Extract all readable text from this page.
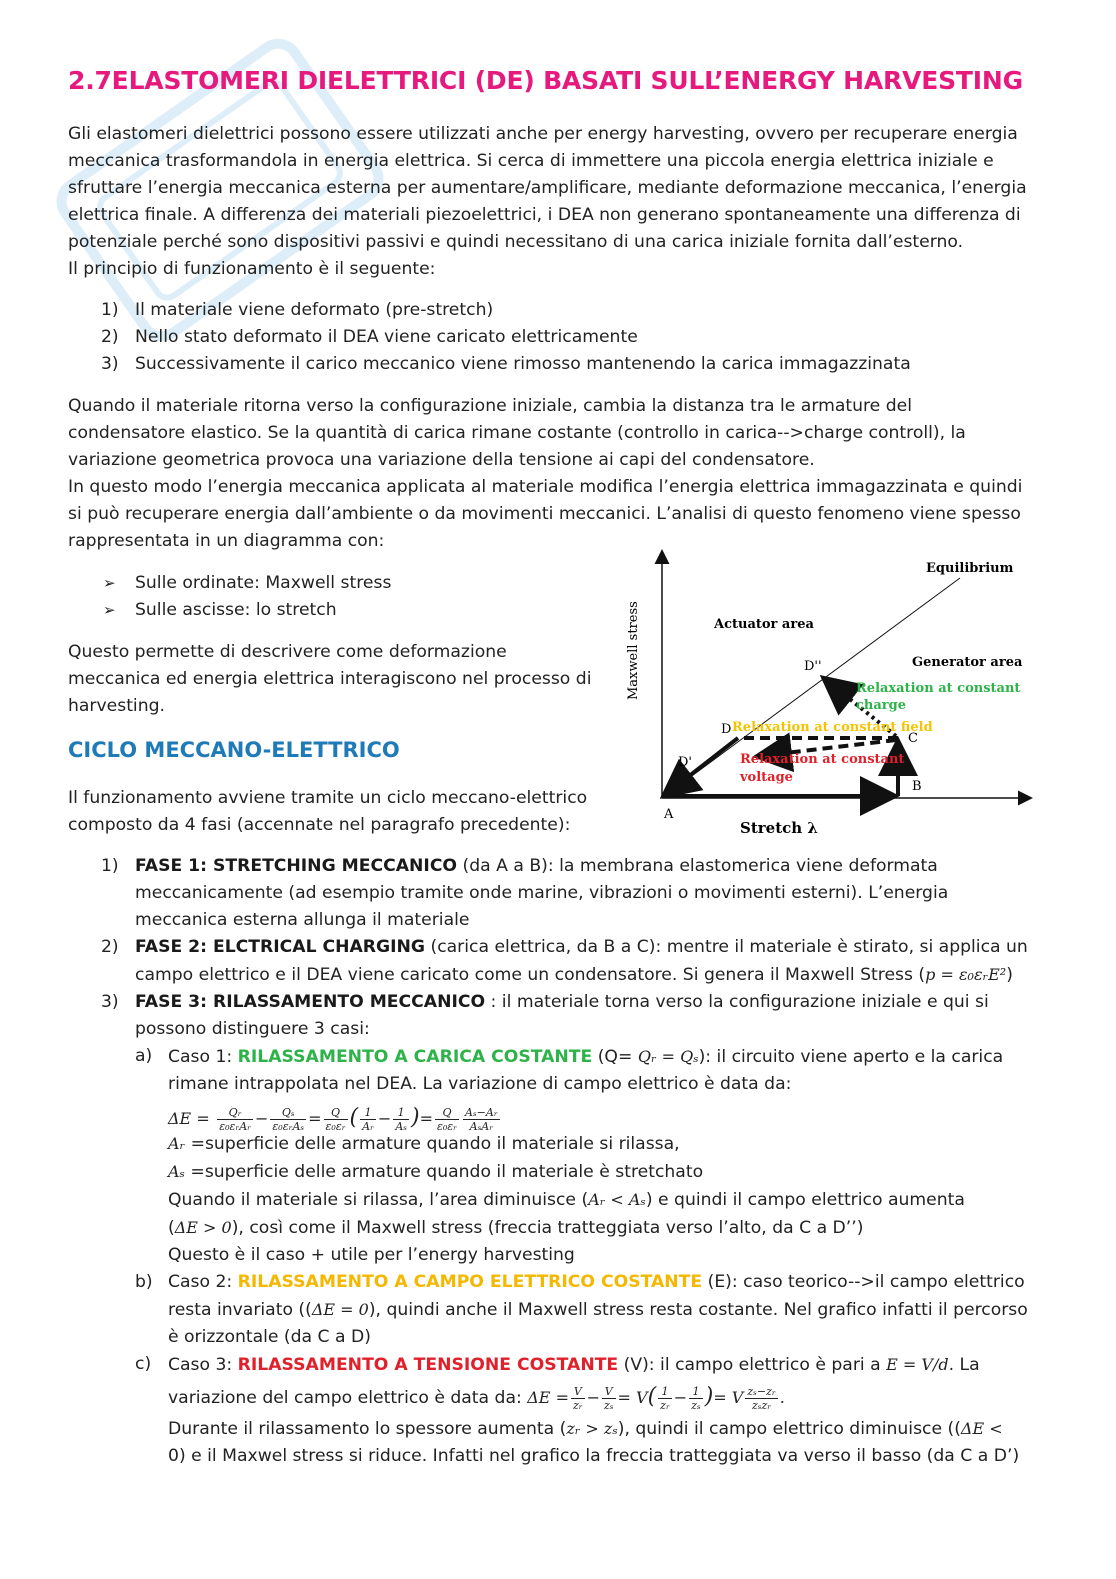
2.7ELASTOMERI DIELETTRICI (DE) BASATI SULL’ENERGY HARVESTING

Gli elastomeri dielettrici possono essere utilizzati anche per energy harvesting, ovvero per recuperare energia
meccanica trasformandola in energia elettrica. Si cerca di immettere una piccola energia elettrica iniziale e
sfruttare l’energia meccanica esterna per aumentare/amplificare, mediante deformazione meccanica, l’energia
elettrica finale. A differenza dei materiali piezoelettrici, i DEA non generano spontaneamente una differenza di
potenziale perché sono dispositivi passivi e quindi necessitano di una carica iniziale fornita dall’esterno.
Il principio di funzionamento è il seguente:

1) Il materiale viene deformato (pre-stretch)
2) Nello stato deformato il DEA viene caricato elettricamente
3) Successivamente il carico meccanico viene rimosso mantenendo la carica immagazzinata

Quando il materiale ritorna verso la configurazione iniziale, cambia la distanza tra le armature del
condensatore elastico. Se la quantità di carica rimane costante (controllo in carica-->charge controll), la
variazione geometrica provoca una variazione della tensione ai capi del condensatore.
In questo modo l’energia meccanica applicata al materiale modifica l’energia elettrica immagazzinata e quindi
si può recuperare energia dall’ambiente o da movimenti meccanici. L’analisi di questo fenomeno viene spesso
rappresentata in un diagramma con:

➢ Sulle ordinate: Maxwell stress
➢ Sulle ascisse: lo stretch

Questo permette di descrivere come deformazione
meccanica ed energia elettrica interagiscono nel processo di
harvesting.

CICLO MECCANO-ELETTRICO

Il funzionamento avviene tramite un ciclo meccano-elettrico
composto da 4 fasi (accennate nel paragrafo precedente):

Maxwell stress
Stretch λ
Equilibrium
Actuator area
Generator area
Relaxation at constant
charge
Relaxation at constant field
Relaxation at constant
voltage
A
B
C
D
D'
D''
1) FASE 1: STRETCHING MECCANICO (da A a B): la membrana elastomerica viene deformata
meccanicamente (ad esempio tramite onde marine, vibrazioni o movimenti esterni). L’energia
meccanica esterna allunga il materiale
2) FASE 2: ELCTRICAL CHARGING (carica elettrica, da B a C): mentre il materiale è stirato, si applica un
campo elettrico e il DEA viene caricato come un condensatore. Si genera il Maxwell Stress (p = ε₀εᵣE²)
3) FASE 3: RILASSAMENTO MECCANICO : il materiale torna verso la configurazione iniziale e qui si
possono distinguere 3 casi:
a) Caso 1: RILASSAMENTO A CARICA COSTANTE (Q= Qᵣ = Qₛ): il circuito viene aperto e la carica
rimane intrappolata nel DEA. La variazione di campo elettrico è data da:
$\Delta E = \frac{\text{Qᵣ}}{\text{ε₀εᵣAᵣ}} - \frac{\text{Qₛ}}{\text{ε₀εᵣAₛ}} = \frac{Q}{\text{ε₀εᵣ}}$ ( $\frac{1}{\text{Aᵣ}} - \frac{1}{\text{Aₛ}}$ )= $\frac{Q}{\text{ε₀εᵣ}} \frac{\text{Aₛ−Aᵣ}}{\text{AₛAᵣ}}$
Aᵣ =superficie delle armature quando il materiale si rilassa,
Aₛ =superficie delle armature quando il materiale è stretchato
Quando il materiale si rilassa, l’area diminuisce (Aᵣ < Aₛ) e quindi il campo elettrico aumenta
(ΔE > 0), così come il Maxwell stress (freccia tratteggiata verso l’alto, da C a D’’)
Questo è il caso + utile per l’energy harvesting
b) Caso 2: RILASSAMENTO A CAMPO ELETTRICO COSTANTE (E): caso teorico-->il campo elettrico
resta invariato ((ΔE = 0), quindi anche il Maxwell stress resta costante. Nel grafico infatti il percorso
è orizzontale (da C a D)
c) Caso 3: RILASSAMENTO A TENSIONE COSTANTE (V): il campo elettrico è pari a E = V/d. La
variazione del campo elettrico è data da: $\Delta E = \frac{V}{\text{zᵣ}} - \frac{V}{\text{zₛ}} = V( \frac{1}{\text{zᵣ}} - \frac{1}{\text{zₛ}}$ )= V $\frac{\text{zₛ−zᵣ}}{\text{zₛzᵣ}}$ .
Durante il rilassamento lo spessore aumenta (zᵣ > zₛ), quindi il campo elettrico diminuisce ((ΔE <
0) e il Maxwel stress si riduce. Infatti nel grafico la freccia tratteggiata va verso il basso (da C a D’)
